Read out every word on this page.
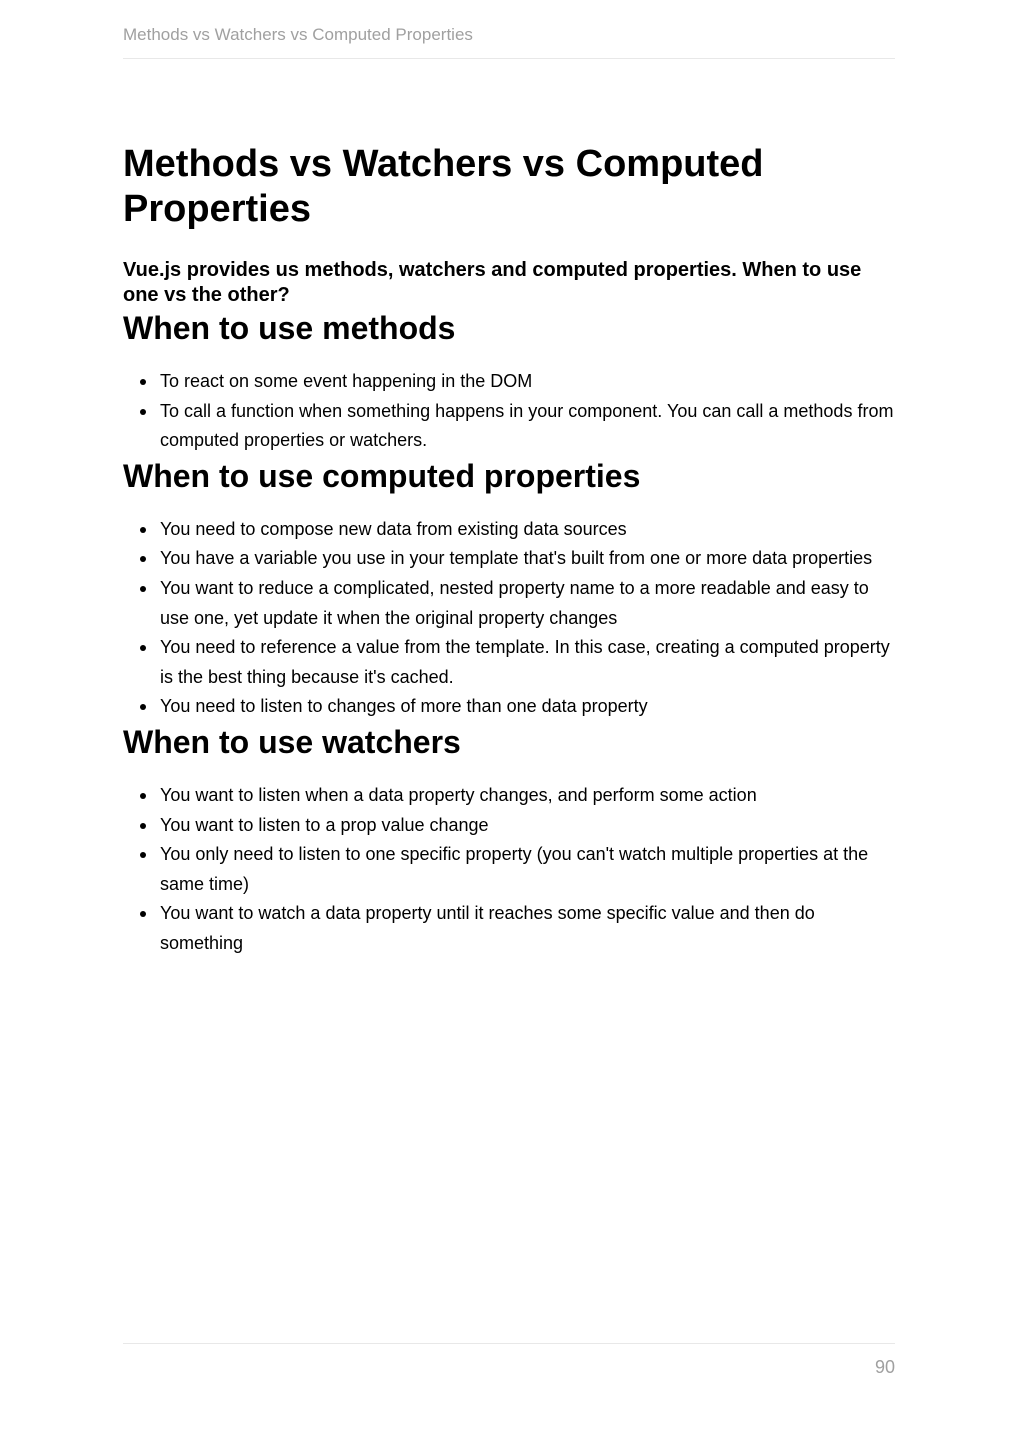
Methods vs Watchers vs Computed Properties
Methods vs Watchers vs Computed Properties

Vue.js provides us methods, watchers and computed properties. When to use one vs the other?

When to use methods
To react on some event happening in the DOM
To call a function when something happens in your component. You can call a methods from computed properties or watchers.
When to use computed properties
You need to compose new data from existing data sources
You have a variable you use in your template that's built from one or more data properties
You want to reduce a complicated, nested property name to a more readable and easy to use one, yet update it when the original property changes
You need to reference a value from the template. In this case, creating a computed property is the best thing because it's cached.
You need to listen to changes of more than one data property
When to use watchers
You want to listen when a data property changes, and perform some action
You want to listen to a prop value change
You only need to listen to one specific property (you can't watch multiple properties at the same time)
You want to watch a data property until it reaches some specific value and then do something
90
